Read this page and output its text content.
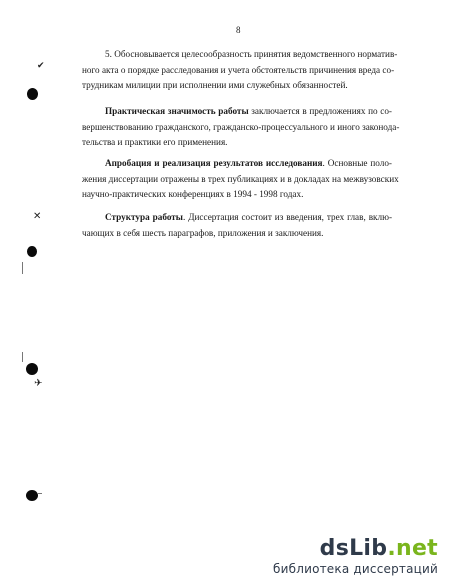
8
5. Обосновывается целесообразность принятия ведомственного норматив-
ного акта о порядке расследования и учета обстоятельств причинения вреда со-
трудникам милиции при исполнении ими служебных обязанностей.
Практическая значимость работы заключается в предложениях по со-
вершенствованию гражданского, гражданско-процессуального и иного законода-
тельства и практики его применения.
Апробация и реализация результатов исследования. Основные поло-
жения диссертации отражены в трех публикациях и в докладах на межвузовских
научно-практических конференциях в 1994 - 1998 годах.
Структура работы. Диссертация состоит из введения, трех глав, вклю-
чающих в себя шесть параграфов, приложения и заключения.
✔
✕
✈
dsLib.net
библиотека диссертаций
